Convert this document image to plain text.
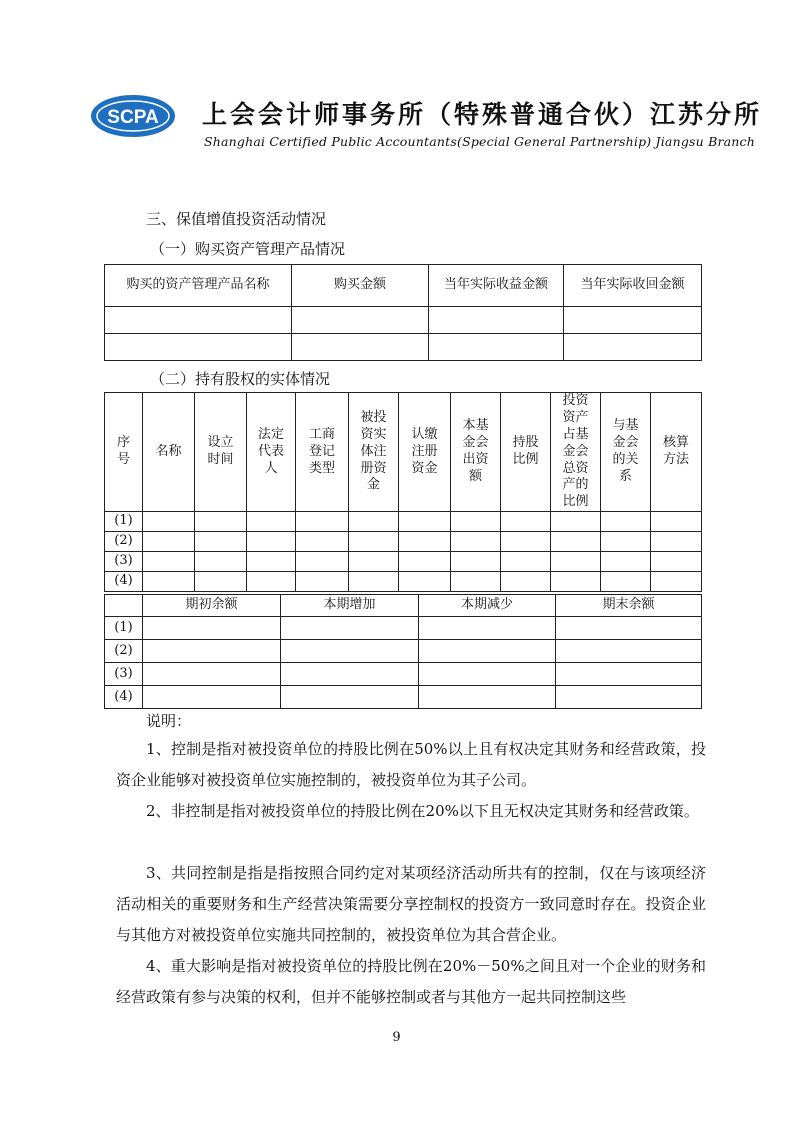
SCPA 上会会计师事务所（特殊普通合伙）江苏分所
Shanghai Certified Public Accountants(Special General Partnership) Jiangsu Branch
三、保值增值投资活动情况
（一）购买资产管理产品情况
购买的资产管理产品名称	购买金额	当年实际收益金额	当年实际收回金额

（二）持有股权的实体情况
序号	名称	设立时间	法定代表人	工商登记类型	被投资实体注册资金	认缴注册资金	本基金会出资额	持股比例	投资资产占基金会总资产的比例	与基金会的关系	核算方法
(1)											
(2)											
(3)											
(4)											
	期初余额	本期增加	本期减少	期末余额
(1)				
(2)				
(3)				
(4)				
说明：
1、控制是指对被投资单位的持股比例在50%以上且有权决定其财务和经营政策，投资企业能够对被投资单位实施控制的，被投资单位为其子公司。
2、非控制是指对被投资单位的持股比例在20%以下且无权决定其财务和经营政策。
3、共同控制是指是指按照合同约定对某项经济活动所共有的控制，仅在与该项经济活动相关的重要财务和生产经营决策需要分享控制权的投资方一致同意时存在。投资企业与其他方对被投资单位实施共同控制的，被投资单位为其合营企业。
4、重大影响是指对被投资单位的持股比例在20%－50%之间且对一个企业的财务和经营政策有参与决策的权利，但并不能够控制或者与其他方一起共同控制这些
9
